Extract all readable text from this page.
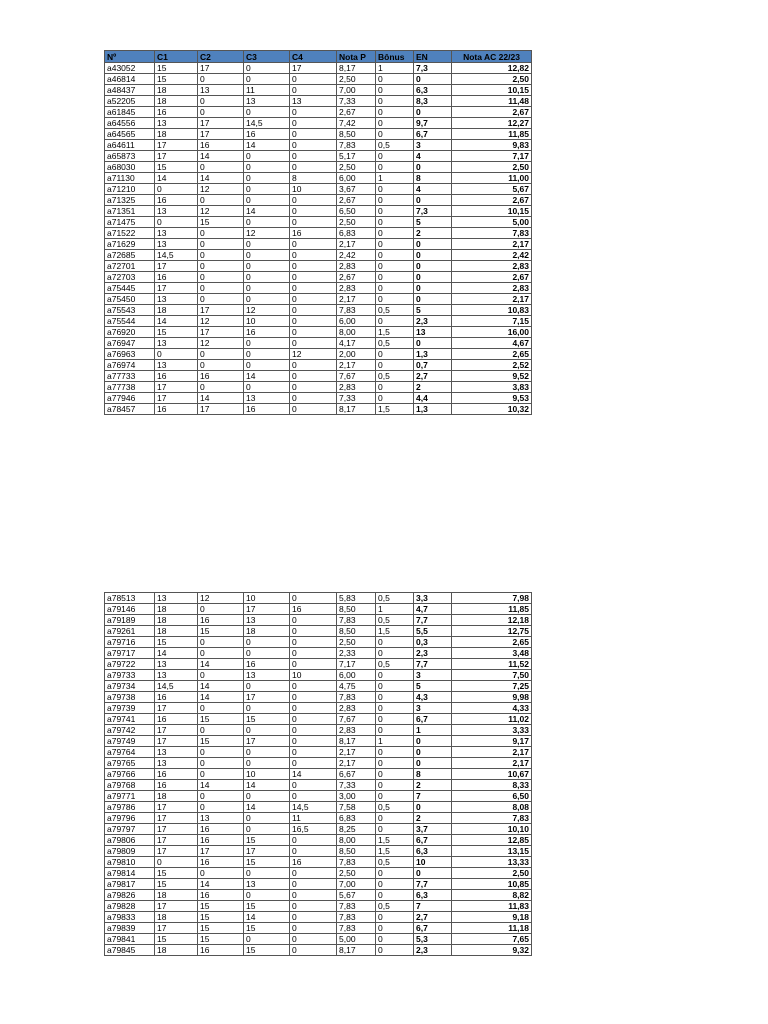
Nº	C1	C2	C3	C4	Nota P	Bônus	EN	Nota AC 22/23
a43052	15	17	0	17	8,17	1	7,3	12,82
a46814	15	0	0	0	2,50	0	0	2,50
a48437	18	13	11	0	7,00	0	6,3	10,15
a52205	18	0	13	13	7,33	0	8,3	11,48
a61845	16	0	0	0	2,67	0	0	2,67
a64556	13	17	14,5	0	7,42	0	9,7	12,27
a64565	18	17	16	0	8,50	0	6,7	11,85
a64611	17	16	14	0	7,83	0,5	3	9,83
a65873	17	14	0	0	5,17	0	4	7,17
a68030	15	0	0	0	2,50	0	0	2,50
a71130	14	14	0	8	6,00	1	8	11,00
a71210	0	12	0	10	3,67	0	4	5,67
a71325	16	0	0	0	2,67	0	0	2,67
a71351	13	12	14	0	6,50	0	7,3	10,15
a71475	0	15	0	0	2,50	0	5	5,00
a71522	13	0	12	16	6,83	0	2	7,83
a71629	13	0	0	0	2,17	0	0	2,17
a72685	14,5	0	0	0	2,42	0	0	2,42
a72701	17	0	0	0	2,83	0	0	2,83
a72703	16	0	0	0	2,67	0	0	2,67
a75445	17	0	0	0	2,83	0	0	2,83
a75450	13	0	0	0	2,17	0	0	2,17
a75543	18	17	12	0	7,83	0,5	5	10,83
a75544	14	12	10	0	6,00	0	2,3	7,15
a76920	15	17	16	0	8,00	1,5	13	16,00
a76947	13	12	0	0	4,17	0,5	0	4,67
a76963	0	0	0	12	2,00	0	1,3	2,65
a76974	13	0	0	0	2,17	0	0,7	2,52
a77733	16	16	14	0	7,67	0,5	2,7	9,52
a77738	17	0	0	0	2,83	0	2	3,83
a77946	17	14	13	0	7,33	0	4,4	9,53
a78457	16	17	16	0	8,17	1,5	1,3	10,32
a78513	13	12	10	0	5,83	0,5	3,3	7,98
a79146	18	0	17	16	8,50	1	4,7	11,85
a79189	18	16	13	0	7,83	0,5	7,7	12,18
a79261	18	15	18	0	8,50	1,5	5,5	12,75
a79716	15	0	0	0	2,50	0	0,3	2,65
a79717	14	0	0	0	2,33	0	2,3	3,48
a79722	13	14	16	0	7,17	0,5	7,7	11,52
a79733	13	0	13	10	6,00	0	3	7,50
a79734	14,5	14	0	0	4,75	0	5	7,25
a79738	16	14	17	0	7,83	0	4,3	9,98
a79739	17	0	0	0	2,83	0	3	4,33
a79741	16	15	15	0	7,67	0	6,7	11,02
a79742	17	0	0	0	2,83	0	1	3,33
a79749	17	15	17	0	8,17	1	0	9,17
a79764	13	0	0	0	2,17	0	0	2,17
a79765	13	0	0	0	2,17	0	0	2,17
a79766	16	0	10	14	6,67	0	8	10,67
a79768	16	14	14	0	7,33	0	2	8,33
a79771	18	0	0	0	3,00	0	7	6,50
a79786	17	0	14	14,5	7,58	0,5	0	8,08
a79796	17	13	0	11	6,83	0	2	7,83
a79797	17	16	0	16,5	8,25	0	3,7	10,10
a79806	17	16	15	0	8,00	1,5	6,7	12,85
a79809	17	17	17	0	8,50	1,5	6,3	13,15
a79810	0	16	15	16	7,83	0,5	10	13,33
a79814	15	0	0	0	2,50	0	0	2,50
a79817	15	14	13	0	7,00	0	7,7	10,85
a79826	18	16	0	0	5,67	0	6,3	8,82
a79828	17	15	15	0	7,83	0,5	7	11,83
a79833	18	15	14	0	7,83	0	2,7	9,18
a79839	17	15	15	0	7,83	0	6,7	11,18
a79841	15	15	0	0	5,00	0	5,3	7,65
a79845	18	16	15	0	8,17	0	2,3	9,32
